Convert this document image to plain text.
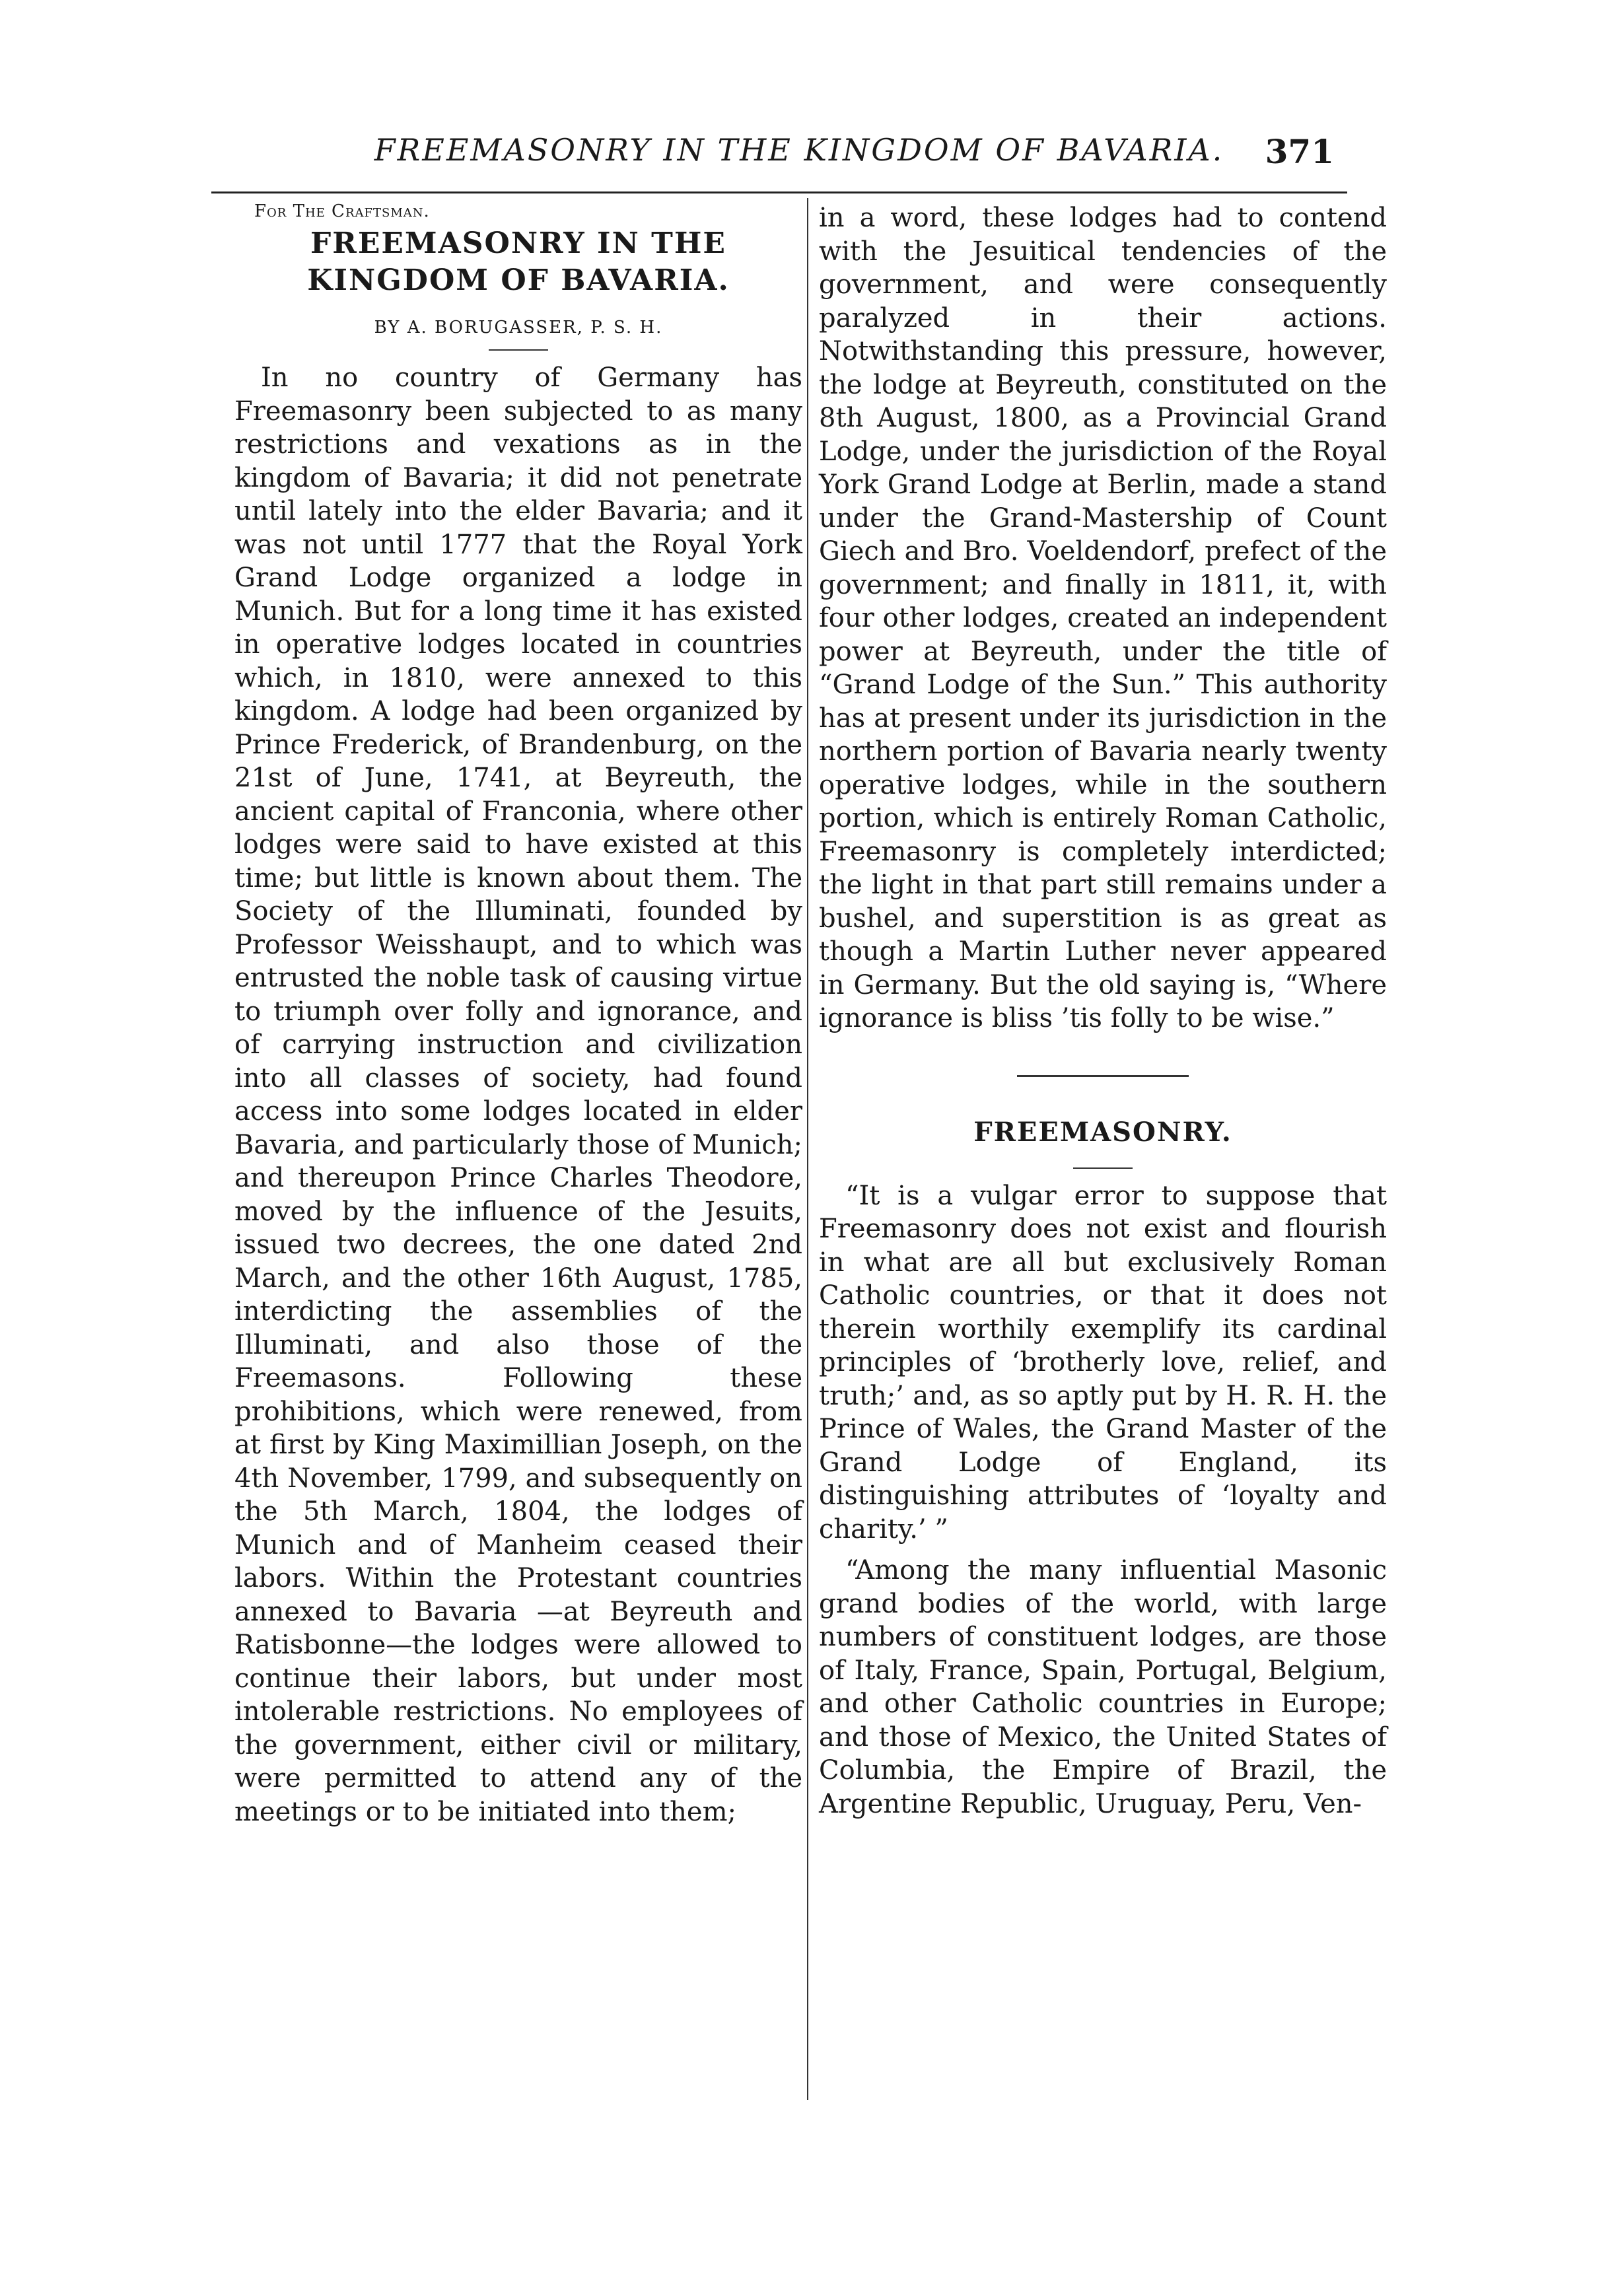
FREEMASONRY IN THE KINGDOM OF BAVARIA. 371
For The Craftsman.
FREEMASONRY IN THE KINGDOM OF BAVARIA.
BY A. BORUGASSER, P. S. H.

In no country of Germany has Freemasonry been subjected to as many restrictions and vexations as in the kingdom of Bavaria; it did not penetrate until lately into the elder Bavaria; and it was not until 1777 that the Royal York Grand Lodge organized a lodge in Munich. But for a long time it has existed in operative lodges located in countries which, in 1810, were annexed to this kingdom. A lodge had been organized by Prince Frederick, of Brandenburg, on the 21st of June, 1741, at Beyreuth, the ancient capital of Franconia, where other lodges were said to have existed at this time; but little is known about them. The Society of the Illuminati, founded by Professor Weisshaupt, and to which was entrusted the noble task of causing virtue to triumph over folly and ignorance, and of carrying instruction and civilization into all classes of society, had found access into some lodges located in elder Bavaria, and particularly those of Munich; and thereupon Prince Charles Theodore, moved by the influence of the Jesuits, issued two decrees, the one dated 2nd March, and the other 16th August, 1785, interdicting the assemblies of the Illuminati, and also those of the Freemasons. Following these prohibitions, which were renewed, from at first by King Maximillian Joseph, on the 4th November, 1799, and subsequently on the 5th March, 1804, the lodges of Munich and of Manheim ceased their labors. Within the Protestant countries annexed to Bavaria —at Beyreuth and Ratisbonne—the lodges were allowed to continue their labors, but under most intolerable restrictions. No employees of the government, either civil or military, were permitted to attend any of the meetings or to be initiated into them;

in a word, these lodges had to contend with the Jesuitical tendencies of the government, and were consequently paralyzed in their actions. Notwithstanding this pressure, however, the lodge at Beyreuth, constituted on the 8th August, 1800, as a Provincial Grand Lodge, under the jurisdiction of the Royal York Grand Lodge at Berlin, made a stand under the Grand-Mastership of Count Giech and Bro. Voeldendorf, prefect of the government; and finally in 1811, it, with four other lodges, created an independent power at Beyreuth, under the title of “Grand Lodge of the Sun.” This authority has at present under its jurisdiction in the northern portion of Bavaria nearly twenty operative lodges, while in the southern portion, which is entirely Roman Catholic, Freemasonry is completely interdicted; the light in that part still remains under a bushel, and superstition is as great as though a Martin Luther never appeared in Germany. But the old saying is, “Where ignorance is bliss ’tis folly to be wise.”

FREEMASONRY.

“It is a vulgar error to suppose that Freemasonry does not exist and flourish in what are all but exclusively Roman Catholic countries, or that it does not therein worthily exemplify its cardinal principles of ‘brotherly love, relief, and truth;’ and, as so aptly put by H. R. H. the Prince of Wales, the Grand Master of the Grand Lodge of England, its distinguishing attributes of ‘loyalty and charity.’ ”

“Among the many influential Masonic grand bodies of the world, with large numbers of constituent lodges, are those of Italy, France, Spain, Portugal, Belgium, and other Catholic countries in Europe; and those of Mexico, the United States of Columbia, the Empire of Brazil, the Argentine Republic, Uruguay, Peru, Ven-
